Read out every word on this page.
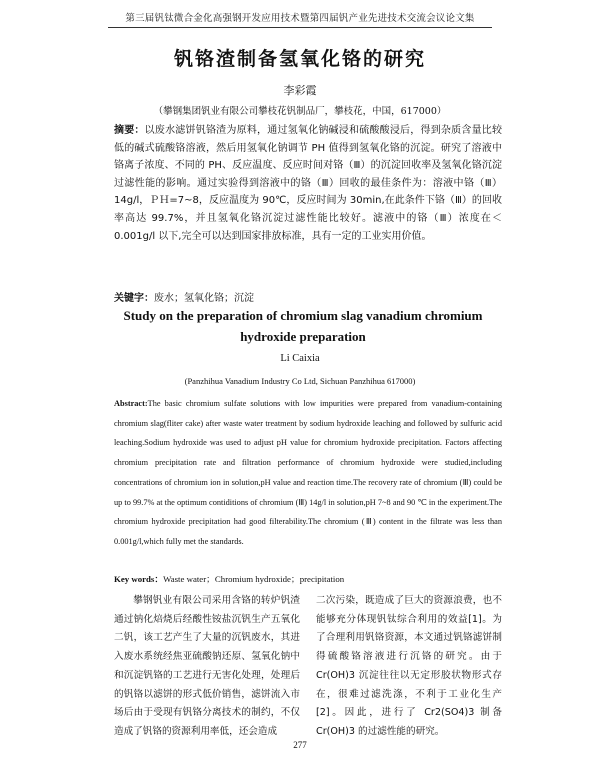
第三届钒钛微合金化高强钢开发应用技术暨第四届钒产业先进技术交流会议论文集
钒铬渣制备氢氧化铬的研究
李彩霞
（攀钢集团钒业有限公司攀枝花钒制品厂，攀枝花，中国，617000）
摘要：以废水滤饼钒铬渣为原料，通过氢氧化钠碱浸和硫酸酸浸后，得到杂质含量比较低的碱式硫酸铬溶液，然后用氢氧化钠调节 PH 值得到氢氧化铬的沉淀。研究了溶液中铬离子浓度、不同的 PH、反应温度、反应时间对铬（Ⅲ）的沉淀回收率及氢氧化铬沉淀过滤性能的影响。通过实验得到溶液中的铬（Ⅲ）回收的最佳条件为：溶液中铬（Ⅲ）14g/l，ＰＨ=7~8，反应温度为 90℃，反应时间为 30min,在此条件下铬（Ⅲ）的回收率高达 99.7%，并且氢氧化铬沉淀过滤性能比较好。滤液中的铬（Ⅲ）浓度在＜0.001g/l 以下,完全可以达到国家排放标准，具有一定的工业实用价值。
关键字：废水；氢氧化铬；沉淀
Study on the preparation of chromium slag vanadium chromium hydroxide preparation
Li Caixia
(Panzhihua Vanadium Industry Co Ltd, Sichuan Panzhihua 617000)
Abstract:The basic chromium sulfate solutions with low impurities were prepared from vanadium-containing chromium slag(fliter cake) after waste water treatment by sodium hydroxide leaching and followed by sulfuric acid leaching.Sodium hydroxide was used to adjust pH value for chromium hydroxide precipitation. Factors affecting chromium precipitation rate and filtration performance of chromium hydroxide were studied,including concentrations of chromium ion in solution,pH value and reaction time.The recovery rate of chromium (Ⅲ) could be up to 99.7% at the optimum contiditions of chromium (Ⅲ) 14g/l in solution,pH 7~8 and 90 ℃ in the experiment.The chromium hydroxide precipitation had good filterability.The chromium (Ⅲ) content in the filtrate was less than 0.001g/l,which fully met the standards.
Key words：Waste water；Chromium hydroxide；precipitation

攀钢钒业有限公司采用含铬的转炉钒渣通过钠化焙烧后经酸性铵盐沉钒生产五氧化二钒，该工艺产生了大量的沉钒废水，其进入废水系统经焦亚硫酸钠还原、氢氧化钠中和沉淀钒铬的工艺进行无害化处理，处理后的钒铬以滤饼的形式低价销售，滤饼流入市场后由于受现有钒铬分离技术的制约，不仅造成了钒铬的资源利用率低，还会造成

二次污染，既造成了巨大的资源浪费，也不能够充分体现钒钛综合利用的效益[1]。为了合理利用钒铬资源，本文通过钒铬滤饼制得硫酸铬溶液进行沉铬的研究。由于 Cr(OH)3 沉淀往往以无定形胶状物形式存在，很难过滤洗涤，不利于工业化生产[2]。因此，进行了 Cr2(SO4)3 制备 Cr(OH)3 的过滤性能的研究。

277
